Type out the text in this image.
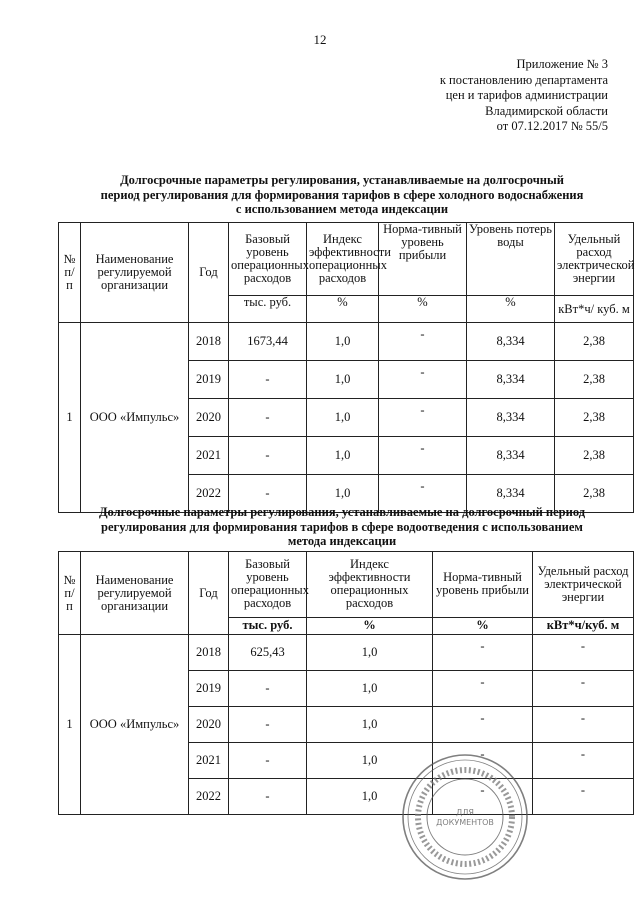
12
Приложение № 3
к постановлению департамента
цен и тарифов администрации
Владимирской области
от 07.12.2017 № 55/5
Долгосрочные параметры регулирования, устанавливаемые на долгосрочный
период регулирования для формирования тарифов в сфере холодного водоснабжения
с использованием метода индексации
№ п/ п	Наименование регулируемой организации	Год	Базовый уровень операционных расходов	Индекс эффективности операционных расходов	Норма-тивный уровень прибыли	Уровень потерь воды	Удельный расход электрической энергии
			тыс. руб.	%	%	%	кВт*ч/ куб. м
1	ООО «Импульс»	2018	1673,44	1,0	-	8,334	2,38
		2019	-	1,0	-	8,334	2,38
		2020	-	1,0	-	8,334	2,38
		2021	-	1,0	-	8,334	2,38
		2022	-	1,0	-	8,334	2,38
Долгосрочные параметры регулирования, устанавливаемые на долгосрочный период
регулирования для формирования тарифов в сфере водоотведения с использованием
метода индексации
№ п/ п	Наименование регулируемой организации	Год	Базовый уровень операционных расходов	Индекс эффективности операционных расходов	Норма-тивный уровень прибыли	Удельный расход электрической энергии
			тыс. руб.	%	%	кВт*ч/куб. м
1	ООО «Импульс»	2018	625,43	1,0	-	-
		2019	-	1,0	-	-
		2020	-	1,0	-	-
		2021	-	1,0	-	-
		2022	-	1,0	-	-
ДЛЯ
ДОКУМЕНТОВ
